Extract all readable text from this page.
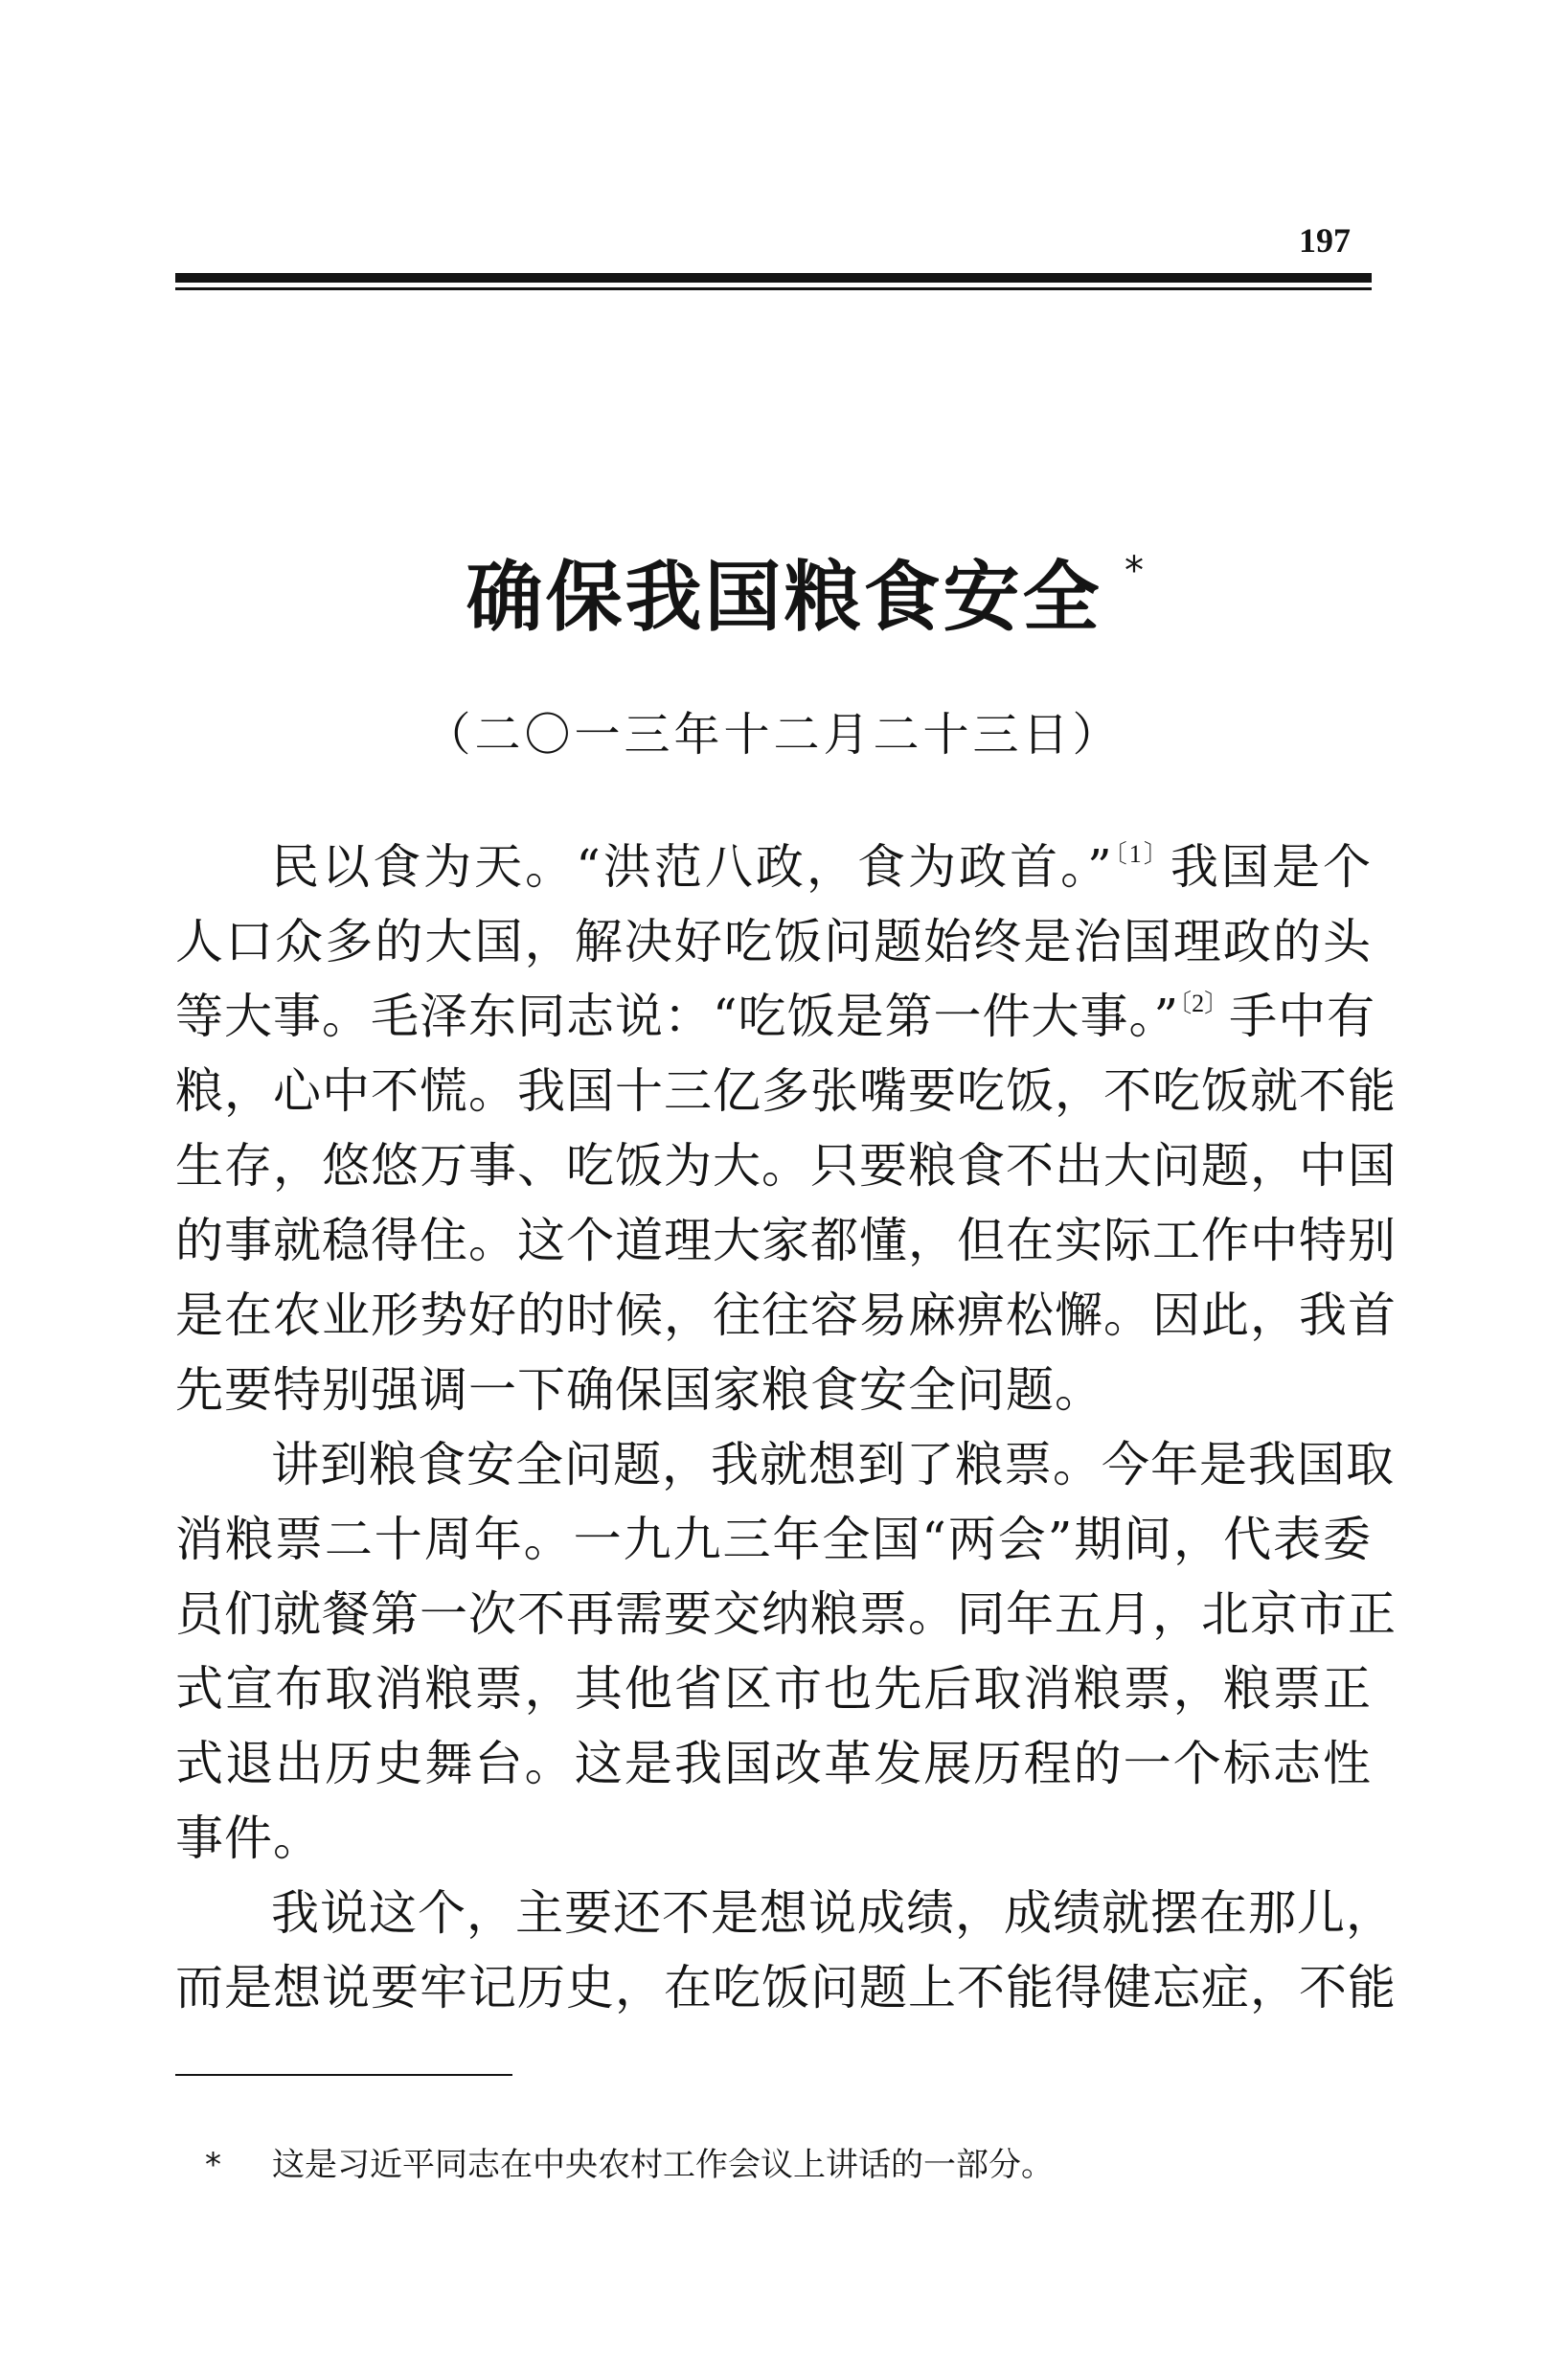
197
确保我国粮食安全 *
（二〇一三年十二月二十三日）
民以食为天。“洪范八政，食为政首。”$^{〔1〕}$我国是个
人口众多的大国，解决好吃饭问题始终是治国理政的头
等大事。毛泽东同志说：“吃饭是第一件大事。”$^{〔2〕}$手中有
粮，心中不慌。我国十三亿多张嘴要吃饭，不吃饭就不能
生存，悠悠万事、吃饭为大。只要粮食不出大问题，中国
的事就稳得住。这个道理大家都懂，但在实际工作中特别
是在农业形势好的时候，往往容易麻痹松懈。因此，我首
先要特别强调一下确保国家粮食安全问题。
讲到粮食安全问题，我就想到了粮票。今年是我国取
消粮票二十周年。一九九三年全国“两会”期间，代表委
员们就餐第一次不再需要交纳粮票。同年五月，北京市正
式宣布取消粮票，其他省区市也先后取消粮票，粮票正
式退出历史舞台。这是我国改革发展历程的一个标志性
事件。
我说这个，主要还不是想说成绩，成绩就摆在那儿，
而是想说要牢记历史，在吃饭问题上不能得健忘症，不能
* 这是习近平同志在中央农村工作会议上讲话的一部分。
